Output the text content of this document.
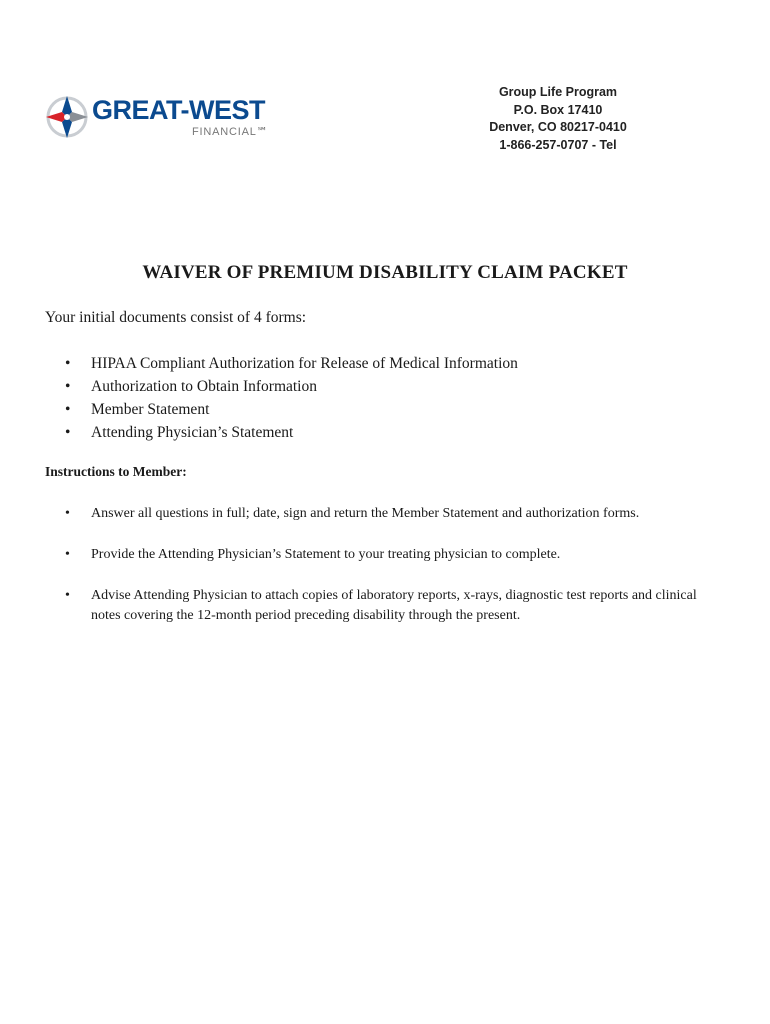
GREAT-WEST
FINANCIAL℠
Group Life Program
P.O. Box 17410
Denver, CO 80217-0410
1-866-257-0707 - Tel
WAIVER OF PREMIUM DISABILITY CLAIM PACKET
Your initial documents consist of 4 forms:
• HIPAA Compliant Authorization for Release of Medical Information
• Authorization to Obtain Information
• Member Statement
• Attending Physician’s Statement
Instructions to Member:
• Answer all questions in full; date, sign and return the Member Statement and authorization forms.
• Provide the Attending Physician’s Statement to your treating physician to complete.
• Advise Attending Physician to attach copies of laboratory reports, x-rays, diagnostic test reports and clinical notes covering the 12-month period preceding disability through the present.
